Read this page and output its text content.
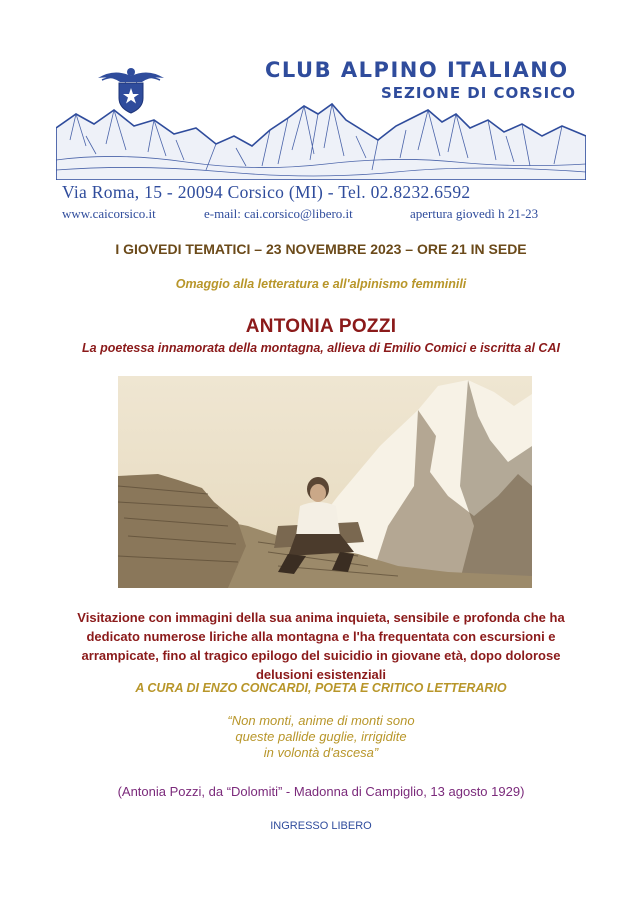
CLUB ALPINO ITALIANO
SEZIONE DI CORSICO
Via Roma, 15 - 20094 Corsico (MI) - Tel. 02.8232.6592
www.caicorsico.it	e-mail: cai.corsico@libero.it	apertura giovedì h 21-23
I GIOVEDI TEMATICI – 23 NOVEMBRE 2023 – ORE 21 IN SEDE
Omaggio alla letteratura e all'alpinismo femminili
ANTONIA POZZI
La poetessa innamorata della montagna, allieva di Emilio Comici e iscritta al CAI
Visitazione con immagini della sua anima inquieta, sensibile e profonda che ha dedicato numerose liriche alla montagna e l'ha frequentata con escursioni e arrampicate, fino al tragico epilogo del suicidio in giovane età, dopo dolorose delusioni esistenziali
A CURA DI ENZO CONCARDI, POETA E CRITICO LETTERARIO
“Non monti, anime di monti sono
queste pallide guglie, irrigidite
in volontà d'ascesa”
(Antonia Pozzi, da “Dolomiti” - Madonna di Campiglio, 13 agosto 1929)
INGRESSO LIBERO
